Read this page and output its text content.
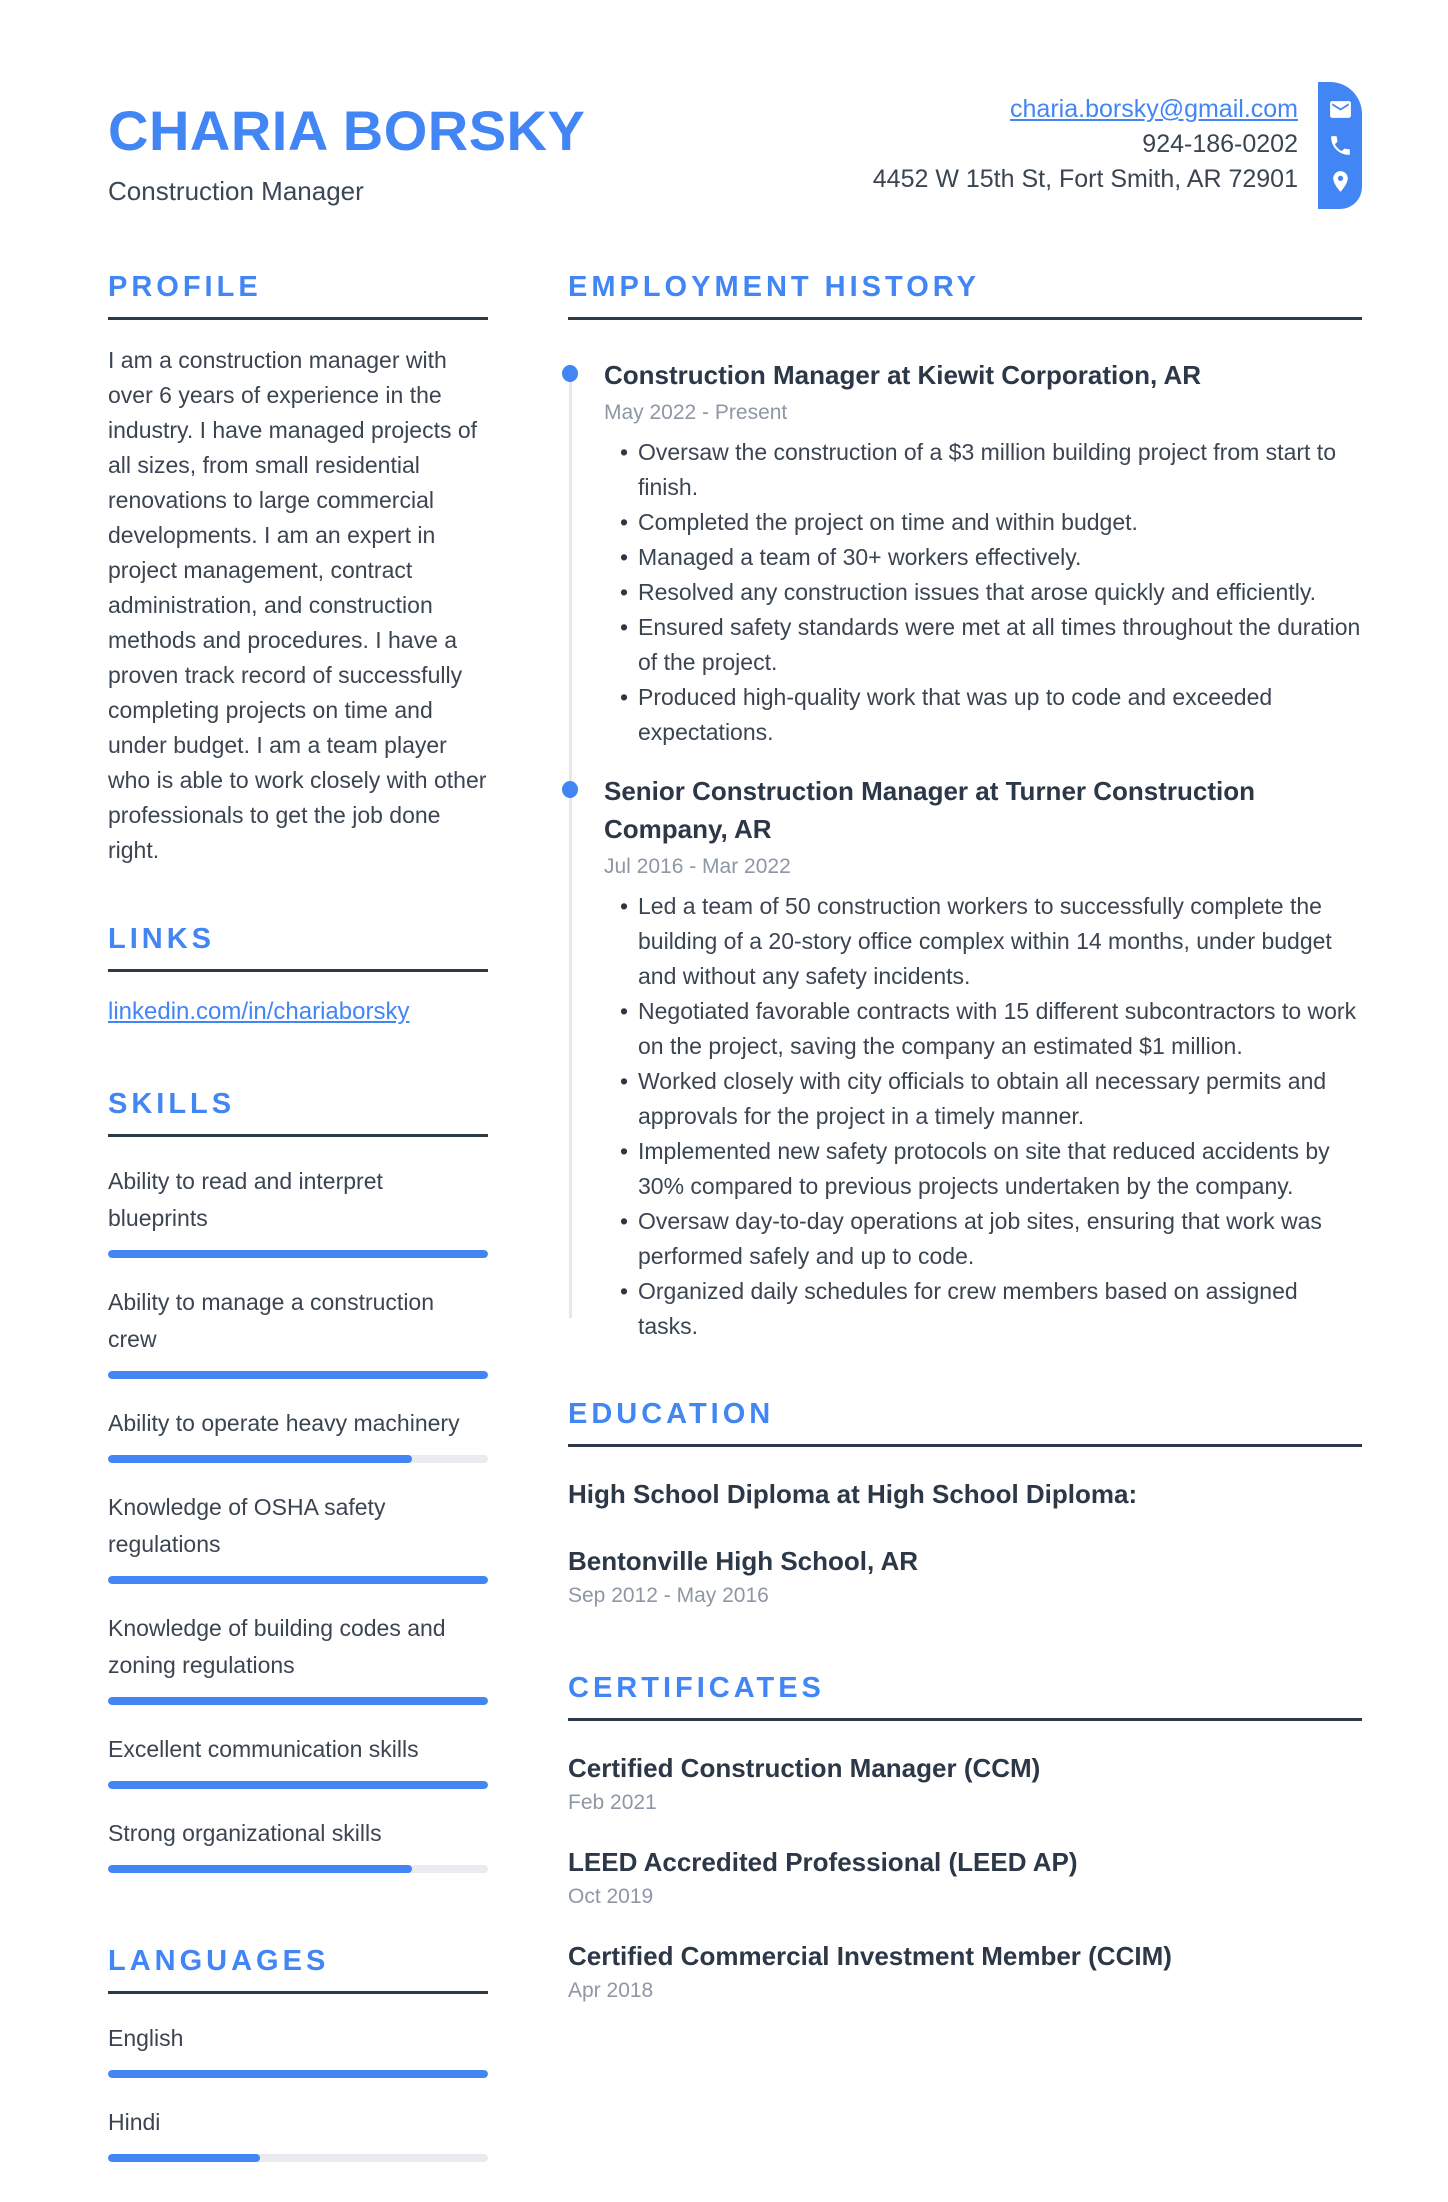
CHARIA BORSKY
Construction Manager
charia.borsky@gmail.com
924-186-0202
4452 W 15th St, Fort Smith, AR 72901
PROFILE
I am a construction manager with over 6 years of experience in the industry. I have managed projects of all sizes, from small residential renovations to large commercial developments. I am an expert in project management, contract administration, and construction methods and procedures. I have a proven track record of successfully completing projects on time and under budget. I am a team player who is able to work closely with other professionals to get the job done right.
LINKS
linkedin.com/in/chariaborsky
SKILLS
Ability to read and interpret blueprints
Ability to manage a construction crew
Ability to operate heavy machinery
Knowledge of OSHA safety regulations
Knowledge of building codes and zoning regulations
Excellent communication skills
Strong organizational skills
LANGUAGES
English
Hindi
EMPLOYMENT HISTORY
Construction Manager at Kiewit Corporation, AR
May 2022 - Present
• Oversaw the construction of a $3 million building project from start to finish.
• Completed the project on time and within budget.
• Managed a team of 30+ workers effectively.
• Resolved any construction issues that arose quickly and efficiently.
• Ensured safety standards were met at all times throughout the duration of the project.
• Produced high-quality work that was up to code and exceeded expectations.
Senior Construction Manager at Turner Construction Company, AR
Jul 2016 - Mar 2022
• Led a team of 50 construction workers to successfully complete the building of a 20-story office complex within 14 months, under budget and without any safety incidents.
• Negotiated favorable contracts with 15 different subcontractors to work on the project, saving the company an estimated $1 million.
• Worked closely with city officials to obtain all necessary permits and approvals for the project in a timely manner.
• Implemented new safety protocols on site that reduced accidents by 30% compared to previous projects undertaken by the company.
• Oversaw day-to-day operations at job sites, ensuring that work was performed safely and up to code.
• Organized daily schedules for crew members based on assigned tasks.
EDUCATION
High School Diploma at High School Diploma:
Bentonville High School, AR
Sep 2012 - May 2016
CERTIFICATES
Certified Construction Manager (CCM)
Feb 2021
LEED Accredited Professional (LEED AP)
Oct 2019
Certified Commercial Investment Member (CCIM)
Apr 2018
